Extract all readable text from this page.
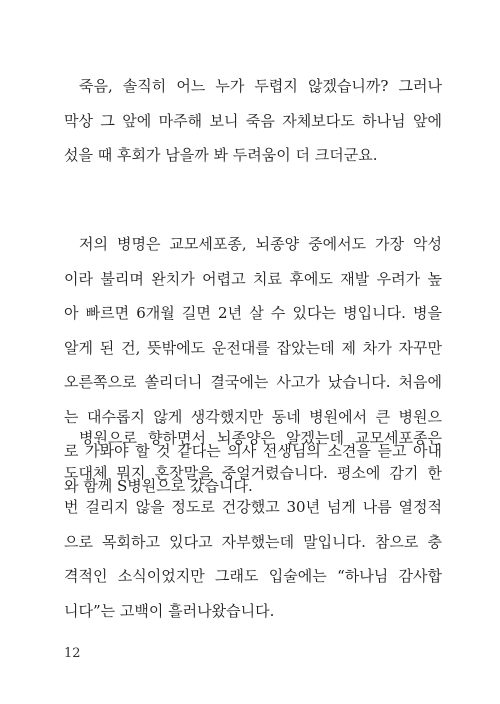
죽음, 솔직히 어느 누가 두렵지 않겠습니까? 그러나
막상 그 앞에 마주해 보니 죽음 자체보다도 하나님 앞에
섰을 때 후회가 남을까 봐 두려움이 더 크더군요.
저의 병명은 교모세포종, 뇌종양 중에서도 가장 악성
이라 불리며 완치가 어렵고 치료 후에도 재발 우려가 높
아 빠르면 6개월 길면 2년 살 수 있다는 병입니다. 병을
알게 된 건, 뜻밖에도 운전대를 잡았는데 제 차가 자꾸만
오른쪽으로 쏠리더니 결국에는 사고가 났습니다. 처음에
는 대수롭지 않게 생각했지만 동네 병원에서 큰 병원으
로 가봐야 할 것 같다는 의사 선생님의 소견을 듣고 아내
와 함께 S병원으로 갔습니다.
병원으로 향하면서 뇌종양은 알겠는데 교모세포종은
도대체 뭐지 혼잣말을 중얼거렸습니다. 평소에 감기 한
번 걸리지 않을 정도로 건강했고 30년 넘게 나름 열정적
으로 목회하고 있다고 자부했는데 말입니다. 참으로 충
격적인 소식이었지만 그래도 입술에는 “하나님 감사합
니다”는 고백이 흘러나왔습니다.
12
